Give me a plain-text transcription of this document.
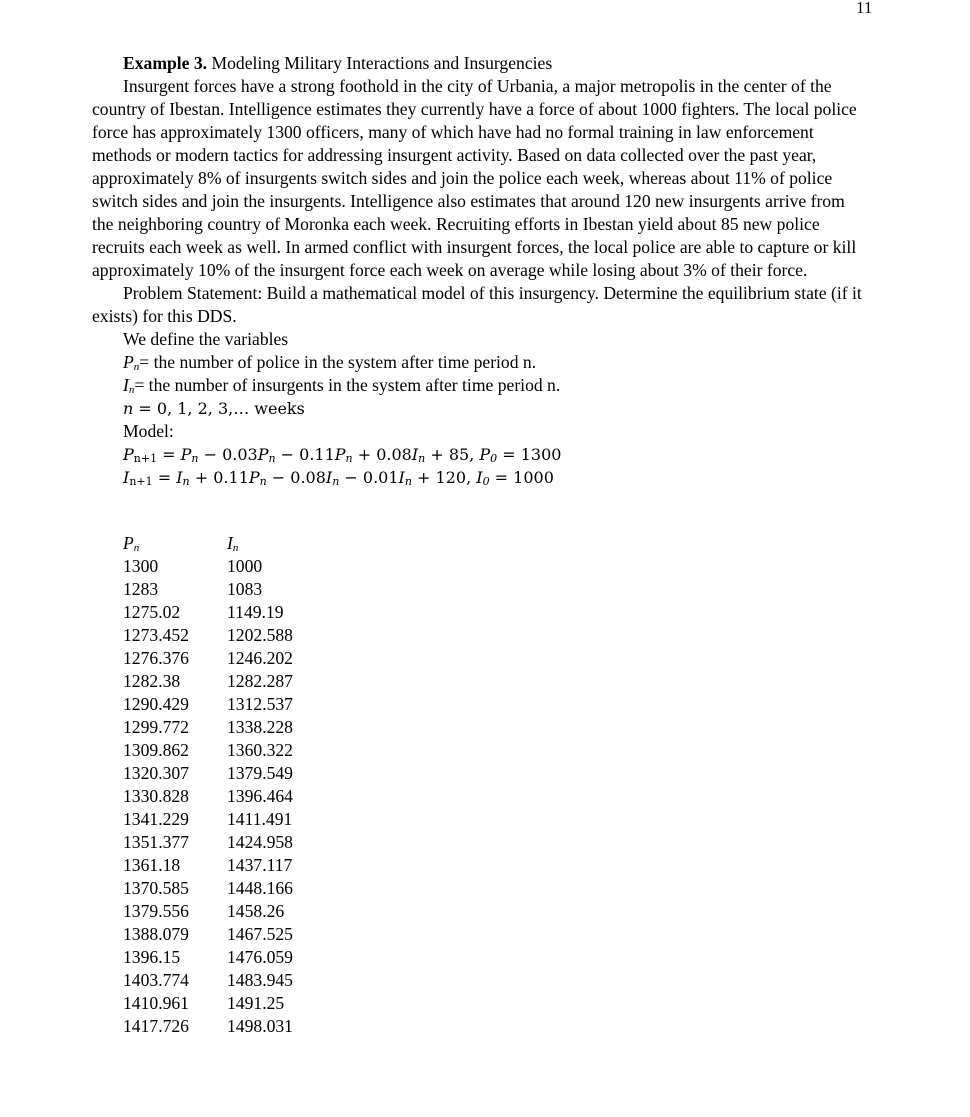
11

Example 3. Modeling Military Interactions and Insurgencies

Insurgent forces have a strong foothold in the city of Urbania, a major metropolis in the center of the country of Ibestan. Intelligence estimates they currently have a force of about 1000 fighters. The local police force has approximately 1300 officers, many of which have had no formal training in law enforcement methods or modern tactics for addressing insurgent activity. Based on data collected over the past year, approximately 8% of insurgents switch sides and join the police each week, whereas about 11% of police switch sides and join the insurgents. Intelligence also estimates that around 120 new insurgents arrive from the neighboring country of Moronka each week. Recruiting efforts in Ibestan yield about 85 new police recruits each week as well. In armed conflict with insurgent forces, the local police are able to capture or kill approximately 10% of the insurgent force each week on average while losing about 3% of their force.

Problem Statement: Build a mathematical model of this insurgency. Determine the equilibrium state (if it exists) for this DDS.

We define the variables
$P_n=$ the number of police in the system after time period n.
$I_n=$ the number of insurgents in the system after time period n.
n = 0, 1, 2, 3,… weeks
Model:
$P_{n+1} = P_n - 0.03P_n - 0.11P_n + 0.08I_n + 85$, $P_0 = 1300$
$I_{n+1} = I_n + 0.11P_n - 0.08I_n - 0.01I_n + 120$, $I_0 = 1000$
$P_n$	$I_n$
1300	1000
1283	1083
1275.02	1149.19
1273.452	1202.588
1276.376	1246.202
1282.38	1282.287
1290.429	1312.537
1299.772	1338.228
1309.862	1360.322
1320.307	1379.549
1330.828	1396.464
1341.229	1411.491
1351.377	1424.958
1361.18	1437.117
1370.585	1448.166
1379.556	1458.26
1388.079	1467.525
1396.15	1476.059
1403.774	1483.945
1410.961	1491.25
1417.726	1498.031
